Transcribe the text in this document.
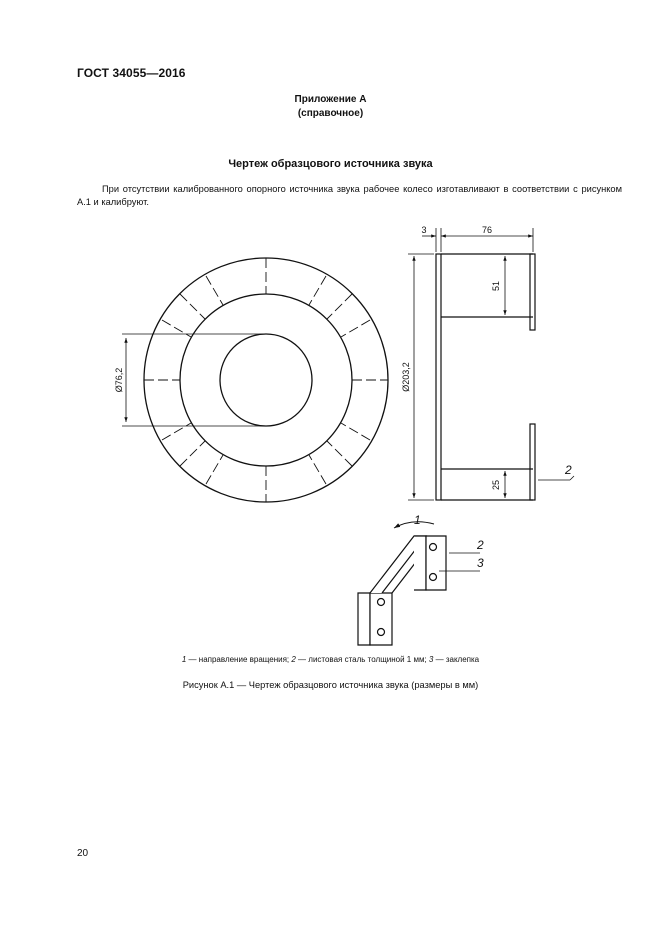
ГОСТ 34055—2016
Приложение А
(справочное)
Чертеж образцового источника звука
При отсутствии калиброванного опорного источника звука рабочее колесо изготавливают в соответствии с рисунком А.1 и калибруют.
Ø76,2
3	76
Ø203,2
51
25
2
1
2
3
1 — направление вращения; 2 — листовая сталь толщиной 1 мм; 3 — заклепка
Рисунок А.1 — Чертеж образцового источника звука (размеры в мм)
20
